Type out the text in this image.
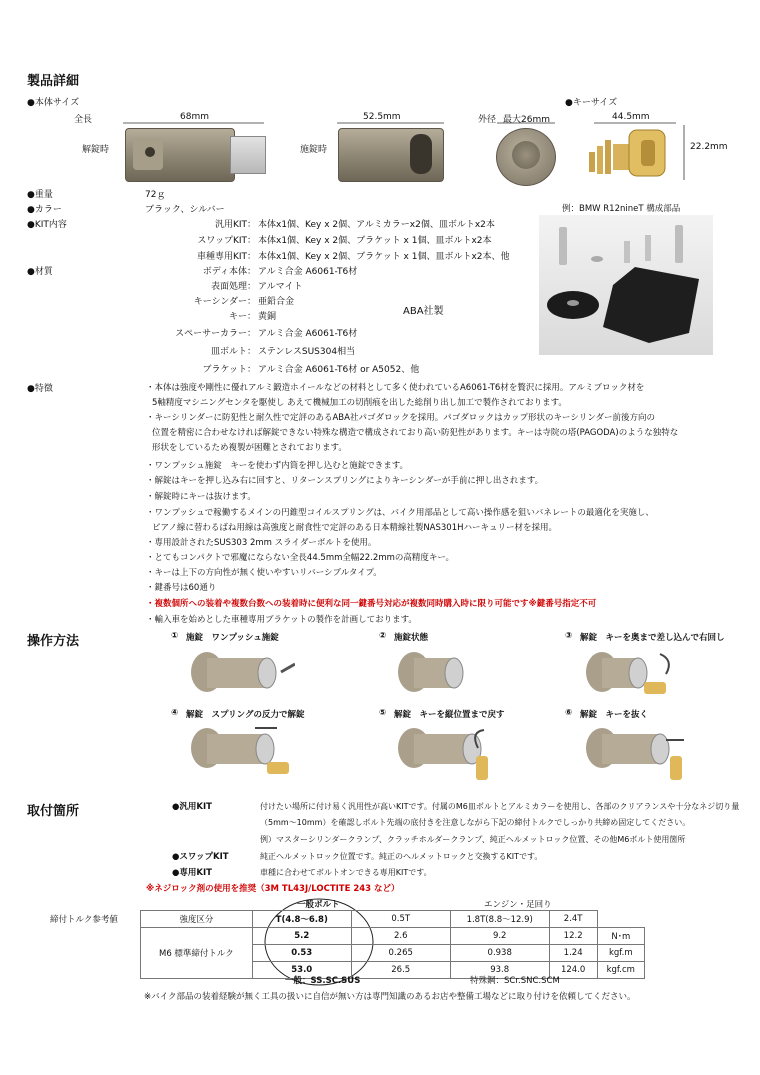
製品詳細
●本体サイズ	●キーサイズ
全長	68mm	52.5mm	外径 最大26mm	44.5mm
22.2mm
解錠時	施錠時
●重量	72ｇ
●カラー	ブラック、シルバー	例：BMW R12nineT 構成部品
●KIT内容	汎用KIT： 本体x1個、Key x 2個、アルミカラーx2個、皿ボルトx2本
スワップKIT： 本体x1個、Key x 2個、ブラケット x 1個、皿ボルトx2本
車種専用KIT： 本体x1個、Key x 2個、ブラケット x 1個、皿ボルトx2本、他
●材質	ボディ本体： アルミ合金 A6061-T6材
表面処理： アルマイト
キーシンダー： 亜鉛合金
キー： 黄銅
スペーサーカラー： アルミ合金 A6061-T6材
皿ボルト： ステンレスSUS304相当
ブラケット： アルミ合金 A6061-T6材 or A5052、他
ABA社製
●特徴	・本体は強度や剛性に優れアルミ鍛造ホイールなどの材料として多く使われているA6061-T6材を贅沢に採用。アルミブロック材を
5軸精度マシニングセンタを駆使し あえて機械加工の切削痕を出した総削り出し加工で製作されております。
・キーシリンダーに防犯性と耐久性で定評のあるABA社パゴダロックを採用。パゴダロックはカップ形状のキーシリンダー前後方向の
位置を精密に合わせなければ解錠できない特殊な構造で構成されており高い防犯性があります。キーは寺院の塔(PAGODA)のような独特な
形状をしているため複製が困難とされております。
・ワンプッシュ施錠　キーを使わず内筒を押し込むと施錠できます。
・解錠はキーを押し込み右に回すと、リターンスプリングによりキーシンダーが手前に押し出されます。
・解錠時にキーは抜けます。
・ワンプッシュで稼働するメインの円錐型コイルスプリングは、バイク用部品として高い操作感を狙いバネレートの最適化を実施し、
ピアノ線に替わるばね用線は高強度と耐食性で定評のある日本精線社製NAS301Hハーキュリー材を採用。
・専用設計されたSUS303 2mm スライダーボルトを使用。
・とてもコンパクトで邪魔にならない全長44.5mm全幅22.2mmの高精度キー。
・キーは上下の方向性が無く使いやすいリバーシブルタイプ。
・鍵番号は60通り
・複数個所への装着や複数台数への装着時に便利な同一鍵番号対応が複数同時購入時に限り可能です※鍵番号指定不可
・輸入車を始めとした車種専用ブラケットの製作を計画しております。
操作方法	① 施錠　ワンプッシュ施錠	② 施錠状態	③ 解錠　キーを奥まで差し込んで右回し
④ 解錠　スプリングの反力で解錠	⑤ 解錠　キーを縦位置まで戻す	⑥ 解錠　キーを抜く
取付箇所	●汎用KIT	付けたい場所に付け易く汎用性が高いKITです。付属のM6皿ボルトとアルミカラーを使用し、各部のクリアランスや十分なネジ切り量
（5mm～10mm）を確認しボルト先端の底付きを注意しながら下記の締付トルクでしっかり共締め固定してください。
例）マスターシリンダークランプ、クラッチホルダークランプ、純正ヘルメットロック位置、その他M6ボルト使用箇所
●スワップKIT	純正ヘルメットロック位置です。純正のヘルメットロックと交換するKITです。
●専用KIT	車種に合わせてボルトオンできる専用KITです。
※ネジロック剤の使用を推奨（3M TL43J/LOCTITE 243 など）
締付トルク参考値
一般ボルト	エンジン・足回り
強度区分	T(4.8～6.8)	0.5T	1.8T(8.8～12.9)	2.4T	
M6 標準締付トルク	5.2	2.6	9.2	12.2	N･m
	0.53	0.265	0.938	1.24	kgf.m
	53.0	26.5	93.8	124.0	kgf.cm
一般：SS.SC.SUS	特殊鋼：SCr.SNC.SCM
※バイク部品の装着経験が無く工具の扱いに自信が無い方は専門知識のあるお店や整備工場などに取り付けを依頼してください。
